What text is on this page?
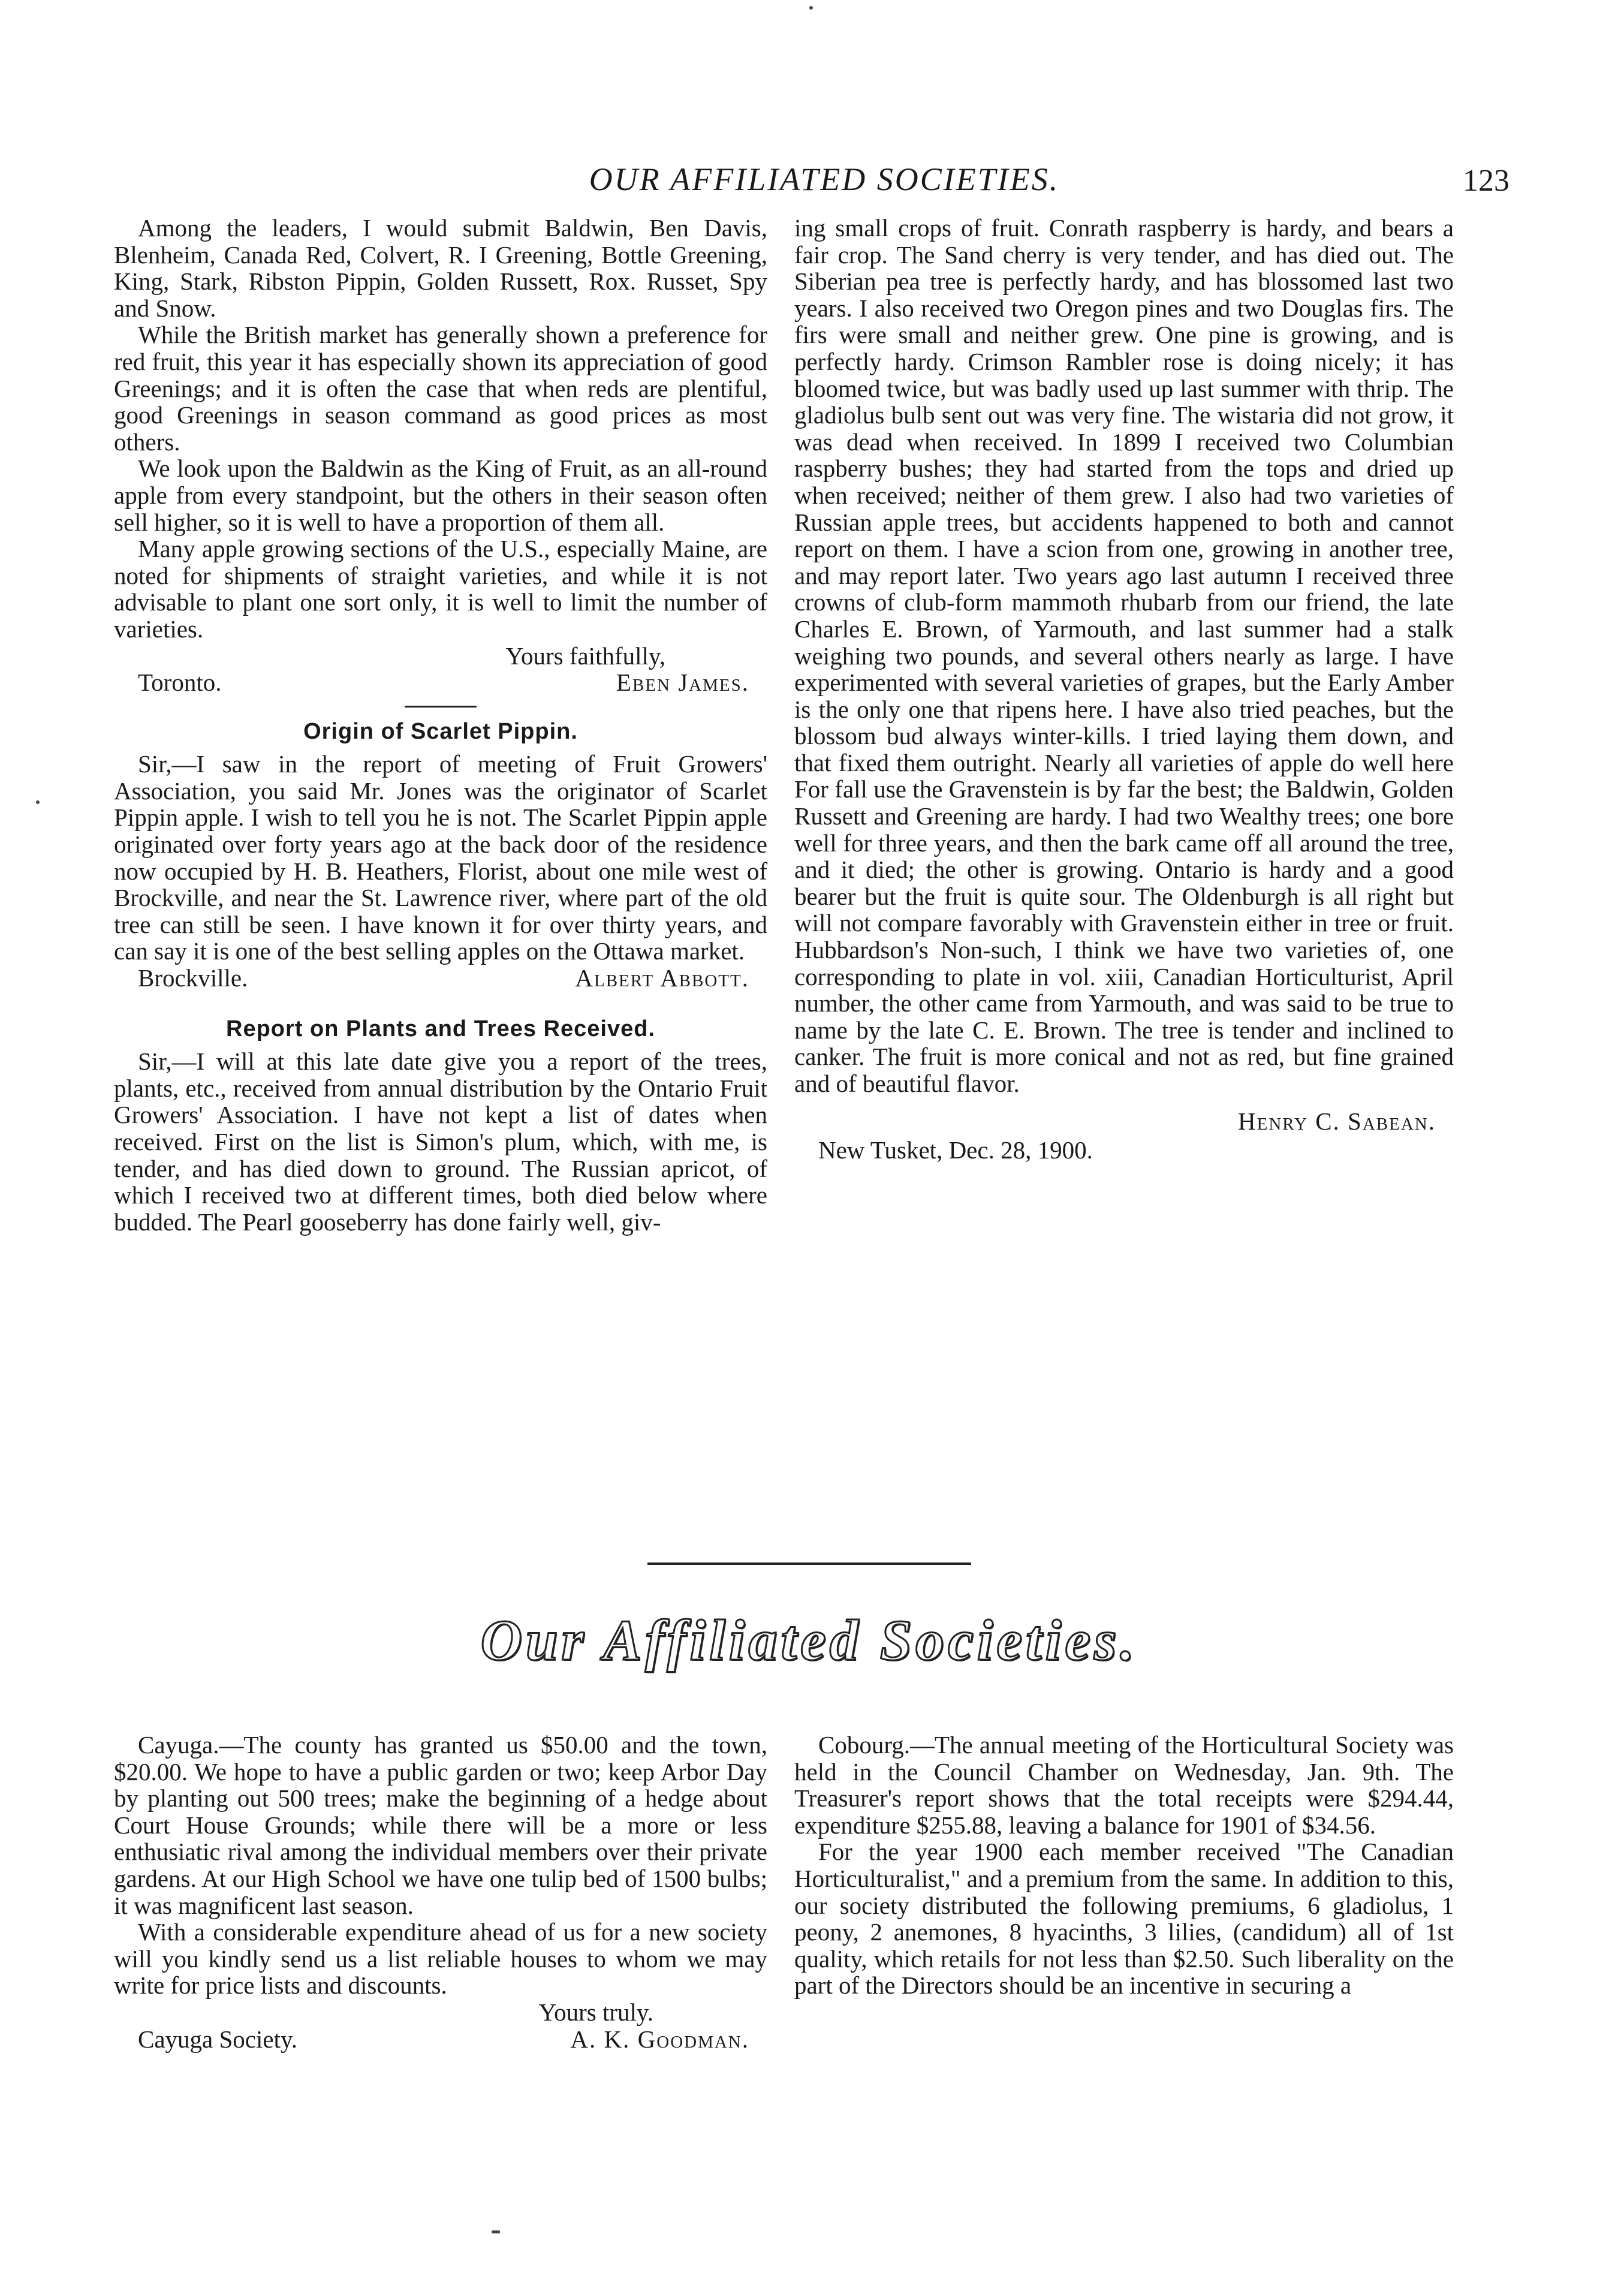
OUR AFFILIATED SOCIETIES.	123

Among the leaders, I would submit Baldwin, Ben Davis, Blenheim, Canada Red, Colvert, R. I Greening, Bottle Greening, King, Stark, Ribston Pippin, Golden Russett, Rox. Russet, Spy and Snow.

While the British market has generally shown a preference for red fruit, this year it has especially shown its appreciation of good Greenings; and it is often the case that when reds are plentiful, good Greenings in season command as good prices as most others.

We look upon the Baldwin as the King of Fruit, as an all-round apple from every standpoint, but the others in their season often sell higher, so it is well to have a proportion of them all.

Many apple growing sections of the U.S., especially Maine, are noted for shipments of straight varieties, and while it is not advisable to plant one sort only, it is well to limit the number of varieties.

Yours faithfully,

Toronto.	Eben James.

Origin of Scarlet Pippin.

Sir,—I saw in the report of meeting of Fruit Growers' Association, you said Mr. Jones was the originator of Scarlet Pippin apple. I wish to tell you he is not. The Scarlet Pippin apple originated over forty years ago at the back door of the residence now occupied by H. B. Heathers, Florist, about one mile west of Brockville, and near the St. Lawrence river, where part of the old tree can still be seen. I have known it for over thirty years, and can say it is one of the best selling apples on the Ottawa market.

Brockville.	Albert Abbott.

Report on Plants and Trees Received.

Sir,—I will at this late date give you a report of the trees, plants, etc., received from annual distribution by the Ontario Fruit Growers' Association. I have not kept a list of dates when received. First on the list is Simon's plum, which, with me, is tender, and has died down to ground. The Russian apricot, of which I received two at different times, both died below where budded. The Pearl gooseberry has done fairly well, giv-

ing small crops of fruit. Conrath raspberry is hardy, and bears a fair crop. The Sand cherry is very tender, and has died out. The Siberian pea tree is perfectly hardy, and has blossomed last two years. I also received two Oregon pines and two Douglas firs. The firs were small and neither grew. One pine is growing, and is perfectly hardy. Crimson Rambler rose is doing nicely; it has bloomed twice, but was badly used up last summer with thrip. The gladiolus bulb sent out was very fine. The wistaria did not grow, it was dead when received. In 1899 I received two Columbian raspberry bushes; they had started from the tops and dried up when received; neither of them grew. I also had two varieties of Russian apple trees, but accidents happened to both and cannot report on them. I have a scion from one, growing in another tree, and may report later. Two years ago last autumn I received three crowns of club-form mammoth rhubarb from our friend, the late Charles E. Brown, of Yarmouth, and last summer had a stalk weighing two pounds, and several others nearly as large. I have experimented with several varieties of grapes, but the Early Amber is the only one that ripens here. I have also tried peaches, but the blossom bud always winter-kills. I tried laying them down, and that fixed them outright. Nearly all varieties of apple do well here For fall use the Gravenstein is by far the best; the Baldwin, Golden Russett and Greening are hardy. I had two Wealthy trees; one bore well for three years, and then the bark came off all around the tree, and it died; the other is growing. Ontario is hardy and a good bearer but the fruit is quite sour. The Oldenburgh is all right but will not compare favorably with Gravenstein either in tree or fruit. Hubbardson's Non-such, I think we have two varieties of, one corresponding to plate in vol. xiii, Canadian Horticulturist, April number, the other came from Yarmouth, and was said to be true to name by the late C. E. Brown. The tree is tender and inclined to canker. The fruit is more conical and not as red, but fine grained and of beautiful flavor.

Henry C. Sabean.

New Tusket, Dec. 28, 1900.

Our Affiliated Societies.

Cayuga.—The county has granted us $50.00 and the town, $20.00. We hope to have a public garden or two; keep Arbor Day by planting out 500 trees; make the beginning of a hedge about Court House Grounds; while there will be a more or less enthusiatic rival among the individual members over their private gardens. At our High School we have one tulip bed of 1500 bulbs; it was magnificent last season.

With a considerable expenditure ahead of us for a new society will you kindly send us a list reliable houses to whom we may write for price lists and discounts.

Yours truly.

Cayuga Society.	A. K. Goodman.

Cobourg.—The annual meeting of the Horticultural Society was held in the Council Chamber on Wednesday, Jan. 9th. The Treasurer's report shows that the total receipts were $294.44, expenditure $255.88, leaving a balance for 1901 of $34.56.

For the year 1900 each member received "The Canadian Horticulturalist," and a premium from the same. In addition to this, our society distributed the following premiums, 6 gladiolus, 1 peony, 2 anemones, 8 hyacinths, 3 lilies, (candidum) all of 1st quality, which retails for not less than $2.50. Such liberality on the part of the Directors should be an incentive in securing a
